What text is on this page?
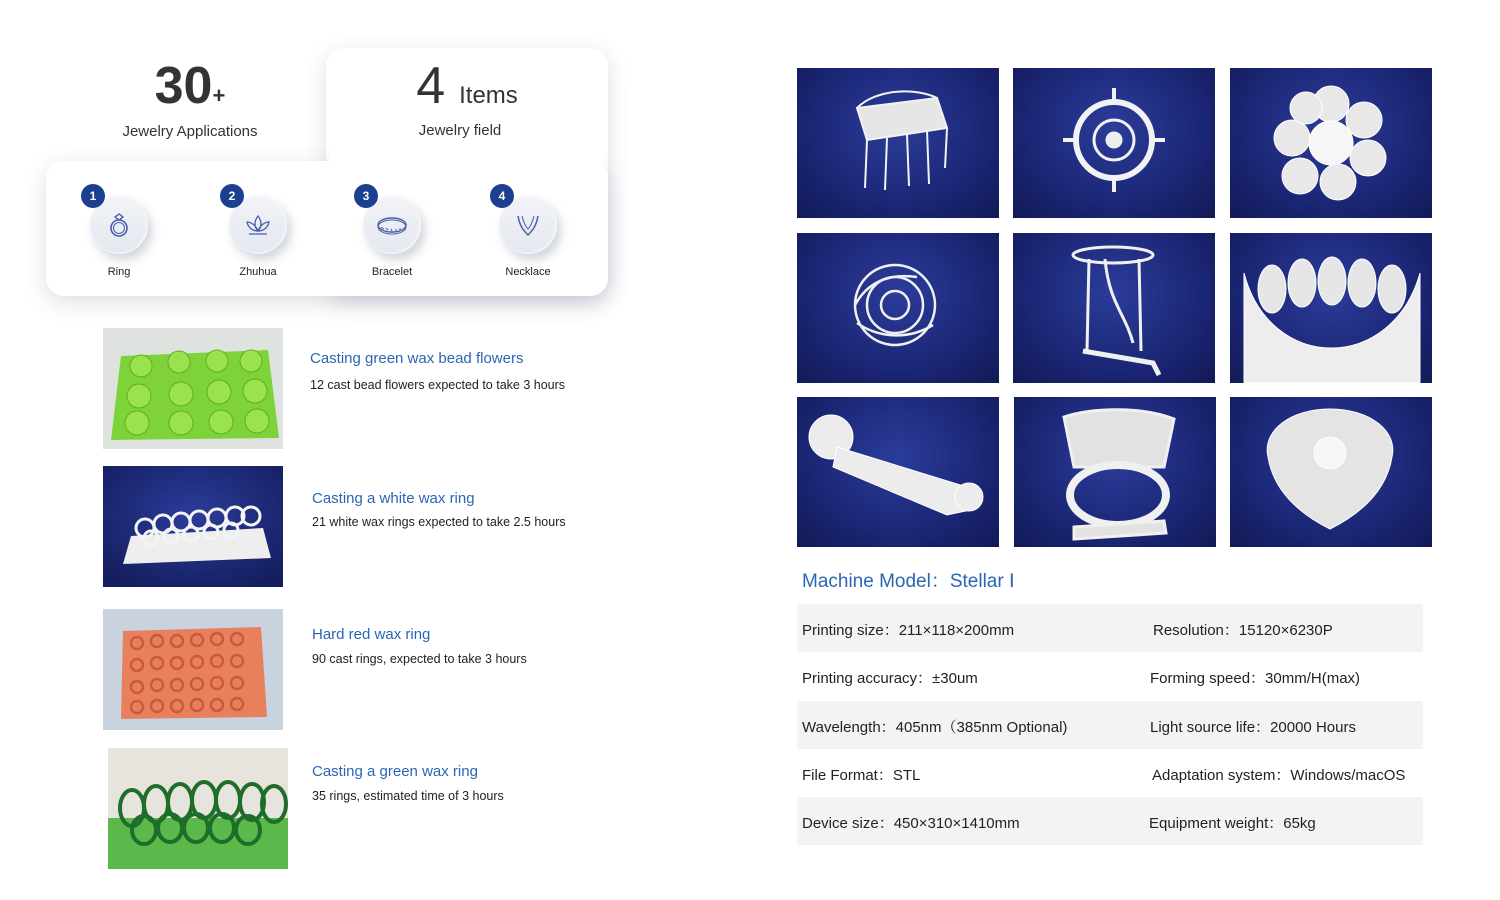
30+
Jewelry Applications
4 Items
Jewelry field
1
Ring
2
Zhuhua
3
Bracelet
4
Necklace
Casting green wax bead flowers
12 cast bead flowers expected to take 3 hours
Casting a white wax ring
21 white wax rings expected to take 2.5 hours
Hard red wax ring
90 cast rings, expected to take 3 hours
Casting a green wax ring
35 rings, estimated time of 3 hours
Machine Model：Stellar Ⅰ
Printing size：211×118×200mm	Resolution：15120×6230P
Printing accuracy：±30um	Forming speed：30mm/H(max)
Wavelength：405nm（385nm Optional)	Light source life：20000 Hours
File Format：STL	Adaptation system：Windows/macOS
Device size：450×310×1410mm	Equipment weight：65kg
